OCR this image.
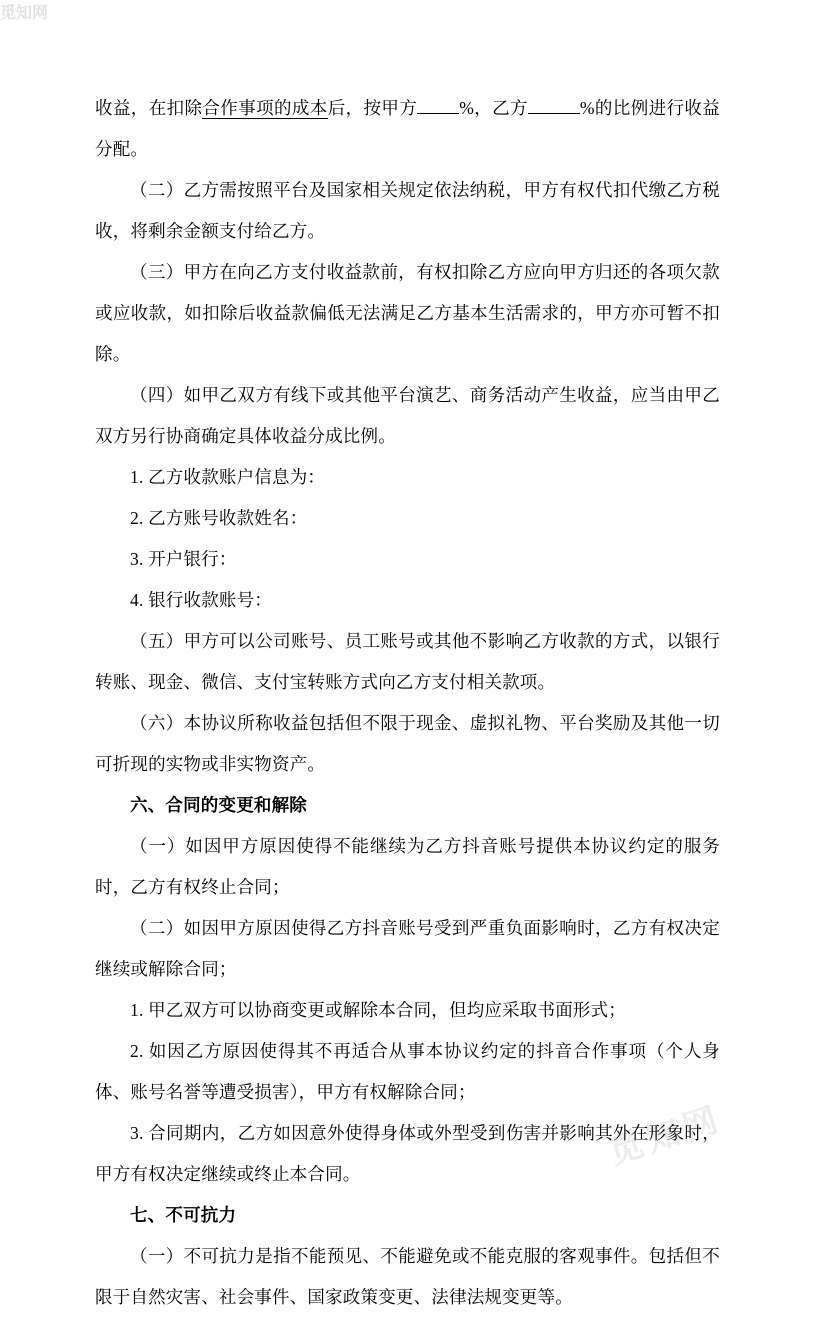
觅知网
觅知网

收益，在扣除合作事项的成本后，按甲方 %，乙方	%的比例进行收益分配。

（二）乙方需按照平台及国家相关规定依法纳税，甲方有权代扣代缴乙方税收，将剩余金额支付给乙方。

（三）甲方在向乙方支付收益款前，有权扣除乙方应向甲方归还的各项欠款或应收款，如扣除后收益款偏低无法满足乙方基本生活需求的，甲方亦可暂不扣除。

（四）如甲乙双方有线下或其他平台演艺、商务活动产生收益，应当由甲乙双方另行协商确定具体收益分成比例。

1. 乙方收款账户信息为：

2. 乙方账号收款姓名：

3. 开户银行：

4. 银行收款账号：

（五）甲方可以公司账号、员工账号或其他不影响乙方收款的方式，以银行转账、现金、微信、支付宝转账方式向乙方支付相关款项。

（六）本协议所称收益包括但不限于现金、虚拟礼物、平台奖励及其他一切可折现的实物或非实物资产。

六、合同的变更和解除

（一）如因甲方原因使得不能继续为乙方抖音账号提供本协议约定的服务时，乙方有权终止合同；

（二）如因甲方原因使得乙方抖音账号受到严重负面影响时，乙方有权决定继续或解除合同；

1. 甲乙双方可以协商变更或解除本合同，但均应采取书面形式；

2. 如因乙方原因使得其不再适合从事本协议约定的抖音合作事项（个人身体、账号名誉等遭受损害），甲方有权解除合同；

3. 合同期内，乙方如因意外使得身体或外型受到伤害并影响其外在形象时，甲方有权决定继续或终止本合同。

七、不可抗力

（一）不可抗力是指不能预见、不能避免或不能克服的客观事件。包括但不限于自然灾害、社会事件、国家政策变更、法律法规变更等。
